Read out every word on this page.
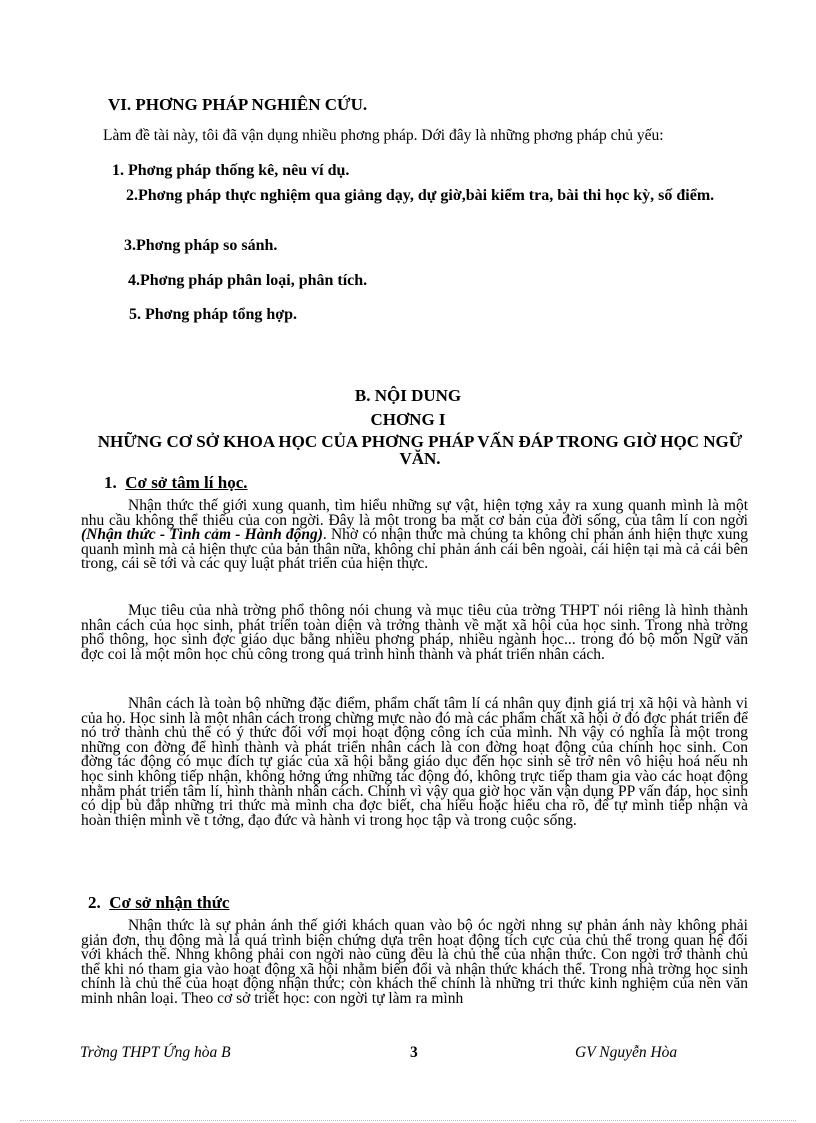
VI. PHƠNG PHÁP NGHIÊN CỨU.
Làm đề tài này, tôi đã vận dụng nhiều phơng pháp. Dới đây là những phơng pháp chủ yếu:
1. Phơng pháp thống kê, nêu ví dụ.
2.Phơng pháp thực nghiệm qua giảng dạy, dự giờ,bài kiểm tra, bài thi học kỳ, số điểm.
3.Phơng pháp so sánh.
4.Phơng pháp phân loại, phân tích.
5. Phơng pháp tổng hợp.
B. NỘI DUNG
CHƠNG I
NHỮNG CƠ SỞ KHOA HỌC CỦA PHƠNG PHÁP VẤN ĐÁP TRONG GIỜ HỌC NGỮ VĂN.
1. Cơ sở tâm lí học.
Nhận thức thế giới xung quanh, tìm hiểu những sự vật, hiện tợng xảy ra xung quanh mình là một nhu cầu không thể thiếu của con ngời. Đây là một trong ba mặt cơ bản của đời sống, của tâm lí con ngời (Nhận thức - Tình cảm - Hành động). Nhờ có nhận thức mà chúng ta không chỉ phản ánh hiện thực xung quanh mình mà cả hiện thực của bản thân nữa, không chỉ phản ánh cái bên ngoài, cái hiện tại mà cả cái bên trong, cái sẽ tới và các quy luật phát triển của hiện thực.
Mục tiêu của nhà trờng phổ thông nói chung và mục tiêu của trờng THPT nói riêng là hình thành nhân cách của học sinh, phát triển toàn diện và trởng thành về mặt xã hội của học sinh. Trong nhà trờng phổ thông, học sinh đợc giáo dục bằng nhiều phơng pháp, nhiều ngành học... trong đó bộ môn Ngữ văn đợc coi là một môn học chủ công trong quá trình hình thành và phát triển nhân cách.
Nhân cách là toàn bộ những đặc điểm, phẩm chất tâm lí cá nhân quy định giá trị xã hội và hành vi của họ. Học sinh là một nhân cách trong chừng mực nào đó mà các phẩm chất xã hội ở đó đợc phát triển để nó trở thành chủ thể có ý thức đối với mọi hoạt động công ích của mình. Nh vậy có nghĩa là một trong những con đờng để hình thành và phát triển nhân cách là con đờng hoạt động của chính học sinh. Con đờng tác động có mục đích tự giác của xã hội bằng giáo dục đến học sinh sẽ trở nên vô hiệu hoá nếu nh học sinh không tiếp nhận, không hởng ứng những tác động đó, không trực tiếp tham gia vào các hoạt động nhằm phát triển tâm lí, hình thành nhân cách. Chính vì vậy qua giờ học văn vận dụng PP vấn đáp, học sinh có dịp bù đắp những tri thức mà mình cha đợc biết, cha hiểu hoặc hiểu cha rõ, để tự mình tiếp nhận và hoàn thiện mình về t tởng, đạo đức và hành vi trong học tập và trong cuộc sống.
2. Cơ sở nhận thức
Nhận thức là sự phản ánh thế giới khách quan vào bộ óc ngời nhng sự phản ánh này không phải giản đơn, thụ động mà là quá trình biện chứng dựa trên hoạt động tích cực của chủ thể trong quan hệ đối với khách thể. Nhng không phải con ngời nào cũng đều là chủ thể của nhận thức. Con ngời trở thành chủ thể khi nó tham gia vào hoạt động xã hội nhằm biến đổi và nhận thức khách thể. Trong nhà trờng học sinh chính là chủ thể của hoạt động nhận thức; còn khách thể chính là những tri thức kinh nghiệm của nền văn minh nhân loại. Theo cơ sở triết học: con ngời tự làm ra mình
Trờng THPT Ứng hòa B	3	GV Nguyễn Hòa
